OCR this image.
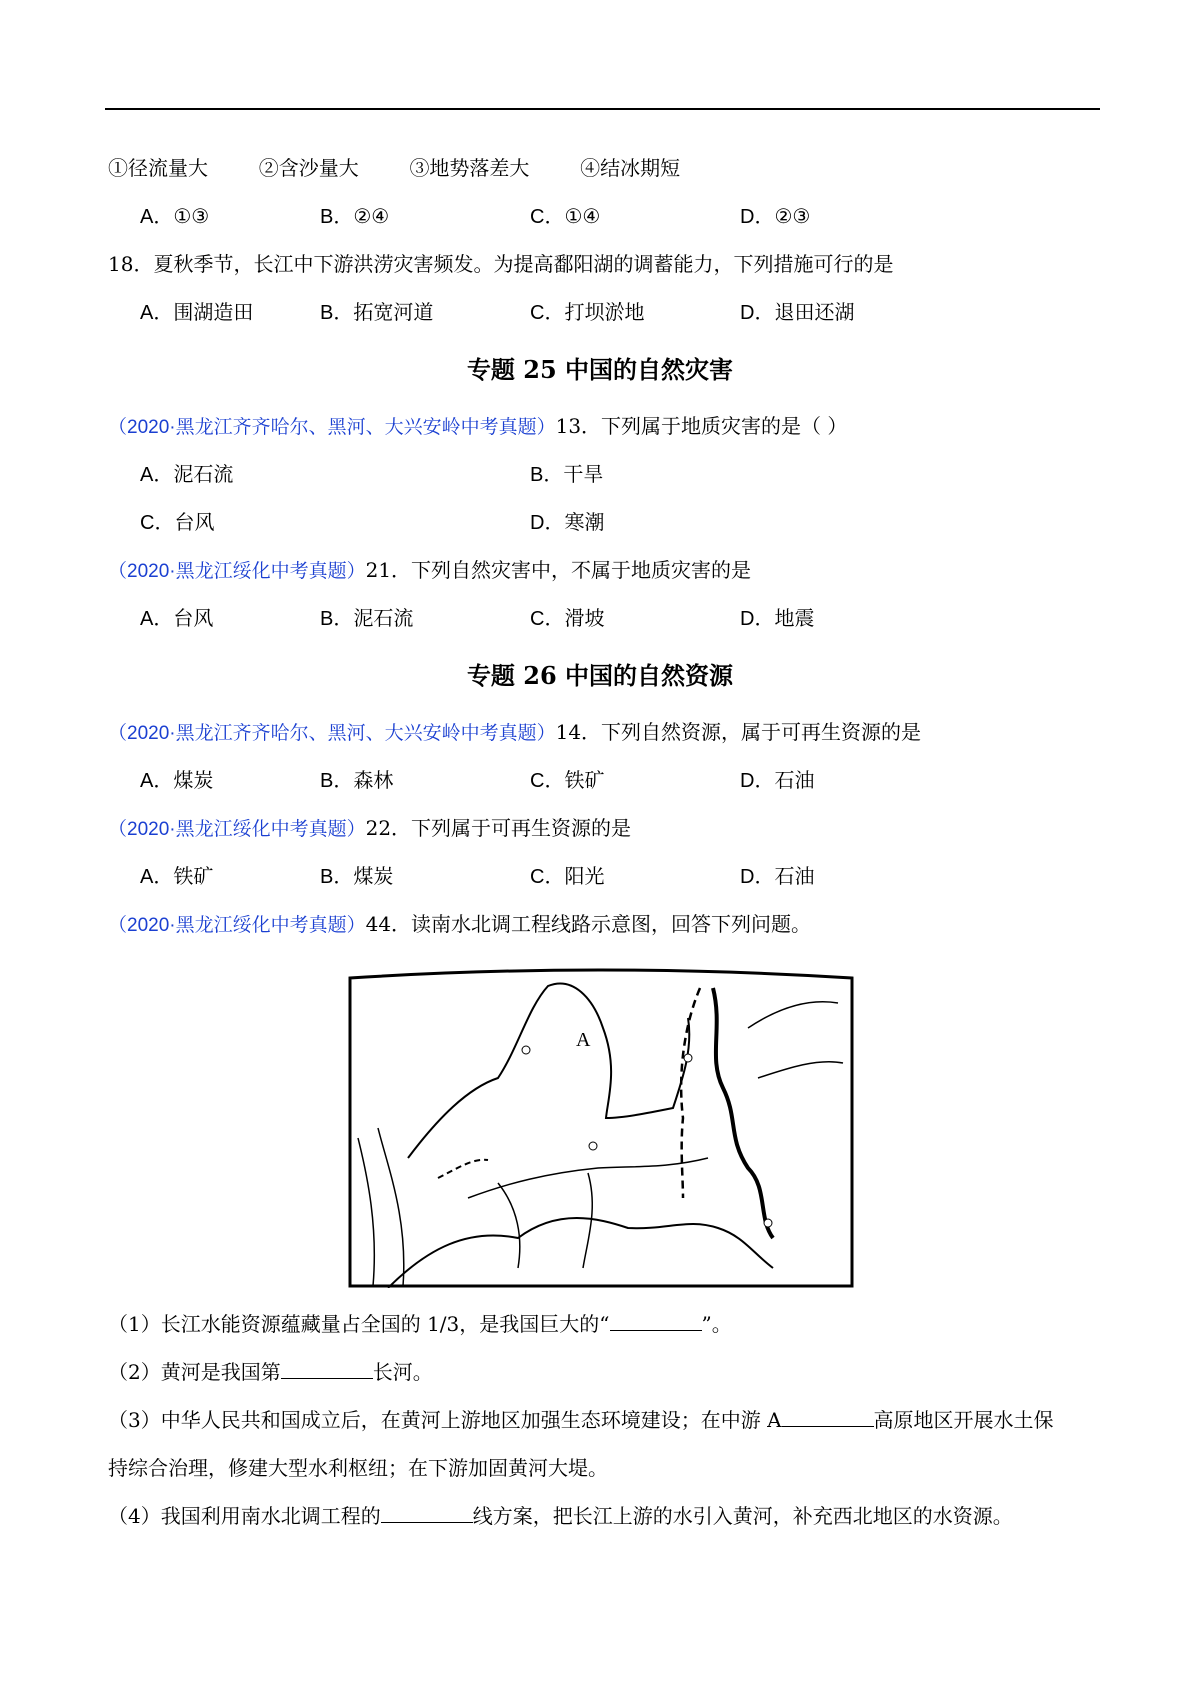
①径流量大	②含沙量大	③地势落差大	④结冰期短
A．①③	B．②④	C．①④	D．②③
18．夏秋季节，长江中下游洪涝灾害频发。为提高鄱阳湖的调蓄能力，下列措施可行的是
A．围湖造田	B．拓宽河道	C．打坝淤地	D．退田还湖
专题 25 中国的自然灾害
（2020·黑龙江齐齐哈尔、黑河、大兴安岭中考真题）13．下列属于地质灾害的是（ ）
A．泥石流	B．干旱
C．台风	D．寒潮
（2020·黑龙江绥化中考真题）21．下列自然灾害中，不属于地质灾害的是
A．台风	B．泥石流	C．滑坡	D．地震
专题 26 中国的自然资源
（2020·黑龙江齐齐哈尔、黑河、大兴安岭中考真题）14．下列自然资源，属于可再生资源的是
A．煤炭	B．森林	C．铁矿	D．石油
（2020·黑龙江绥化中考真题）22．下列属于可再生资源的是
A．铁矿	B．煤炭	C．阳光	D．石油
（2020·黑龙江绥化中考真题）44．读南水北调工程线路示意图，回答下列问题。
A
（1）长江水能资源蕴藏量占全国的 1/3，是我国巨大的“	”。
（2）黄河是我国第	长河。
（3）中华人民共和国成立后，在黄河上游地区加强生态环境建设；在中游 A	高原地区开展水土保
持综合治理，修建大型水利枢纽；在下游加固黄河大堤。
（4）我国利用南水北调工程的	线方案，把长江上游的水引入黄河，补充西北地区的水资源。
